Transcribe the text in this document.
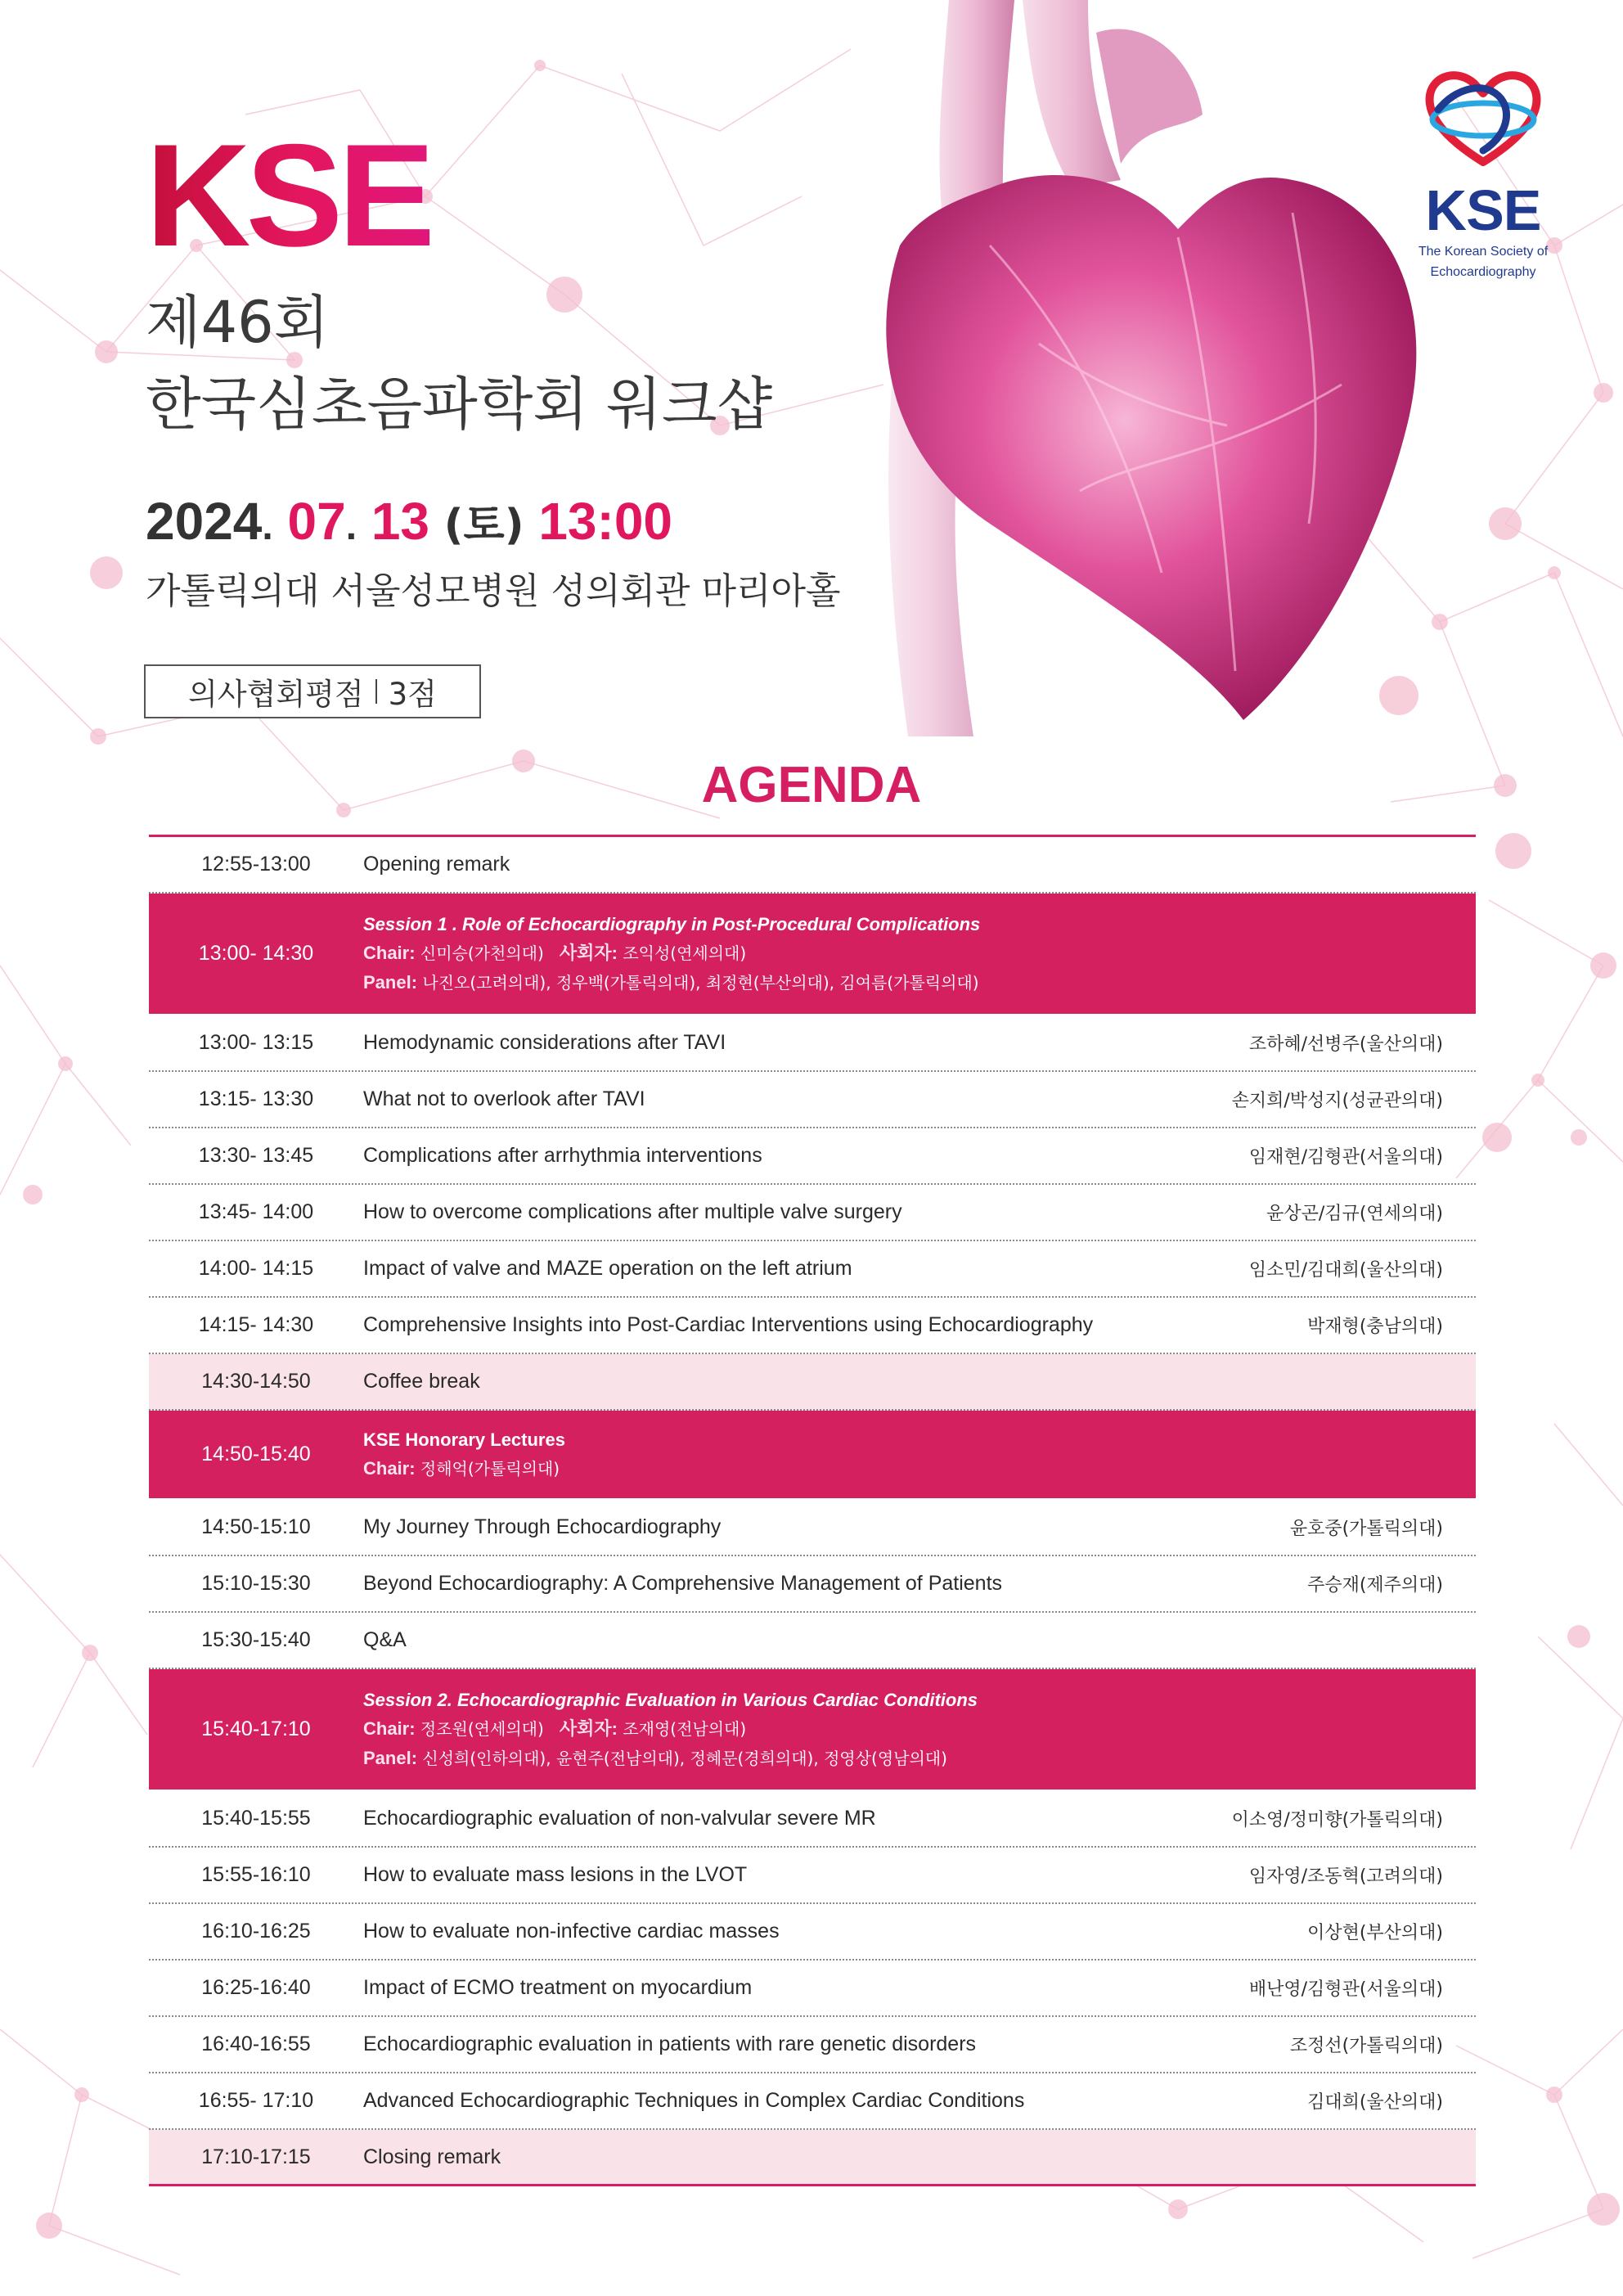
KSE
제46회
한국심초음파학회 워크샵
2024. 07. 13 (토) 13:00
가톨릭의대 서울성모병원 성의회관 마리아홀
의사협회평점 3점
KSE
The Korean Society of
Echocardiography
AGENDA
12:55-13:00	Opening remark
13:00- 14:30
Session 1 . Role of Echocardiography in Post-Procedural Complications
Chair: 신미승(가천의대) 사회자: 조익성(연세의대)
Panel: 나진오(고려의대), 정우백(가톨릭의대), 최정현(부산의대), 김여름(가톨릭의대)
13:00- 13:15	Hemodynamic considerations after TAVI	조하혜/선병주(울산의대)
13:15- 13:30	What not to overlook after TAVI	손지희/박성지(성균관의대)
13:30- 13:45	Complications after arrhythmia interventions	임재현/김형관(서울의대)
13:45- 14:00	How to overcome complications after multiple valve surgery	윤상곤/김규(연세의대)
14:00- 14:15	Impact of valve and MAZE operation on the left atrium	임소민/김대희(울산의대)
14:15- 14:30	Comprehensive Insights into Post-Cardiac Interventions using Echocardiography	박재형(충남의대)
14:30-14:50	Coffee break
14:50-15:40
KSE Honorary Lectures
Chair: 정해억(가톨릭의대)
14:50-15:10	My Journey Through Echocardiography	윤호중(가톨릭의대)
15:10-15:30	Beyond Echocardiography: A Comprehensive Management of Patients	주승재(제주의대)
15:30-15:40	Q&A
15:40-17:10
Session 2. Echocardiographic Evaluation in Various Cardiac Conditions
Chair: 정조원(연세의대) 사회자: 조재영(전남의대)
Panel: 신성희(인하의대), 윤현주(전남의대), 정혜문(경희의대), 정영상(영남의대)
15:40-15:55	Echocardiographic evaluation of non-valvular severe MR	이소영/정미향(가톨릭의대)
15:55-16:10	How to evaluate mass lesions in the LVOT	임자영/조동혁(고려의대)
16:10-16:25	How to evaluate non-infective cardiac masses	이상현(부산의대)
16:25-16:40	Impact of ECMO treatment on myocardium	배난영/김형관(서울의대)
16:40-16:55	Echocardiographic evaluation in patients with rare genetic disorders	조정선(가톨릭의대)
16:55- 17:10	Advanced Echocardiographic Techniques in Complex Cardiac Conditions	김대희(울산의대)
17:10-17:15	Closing remark
